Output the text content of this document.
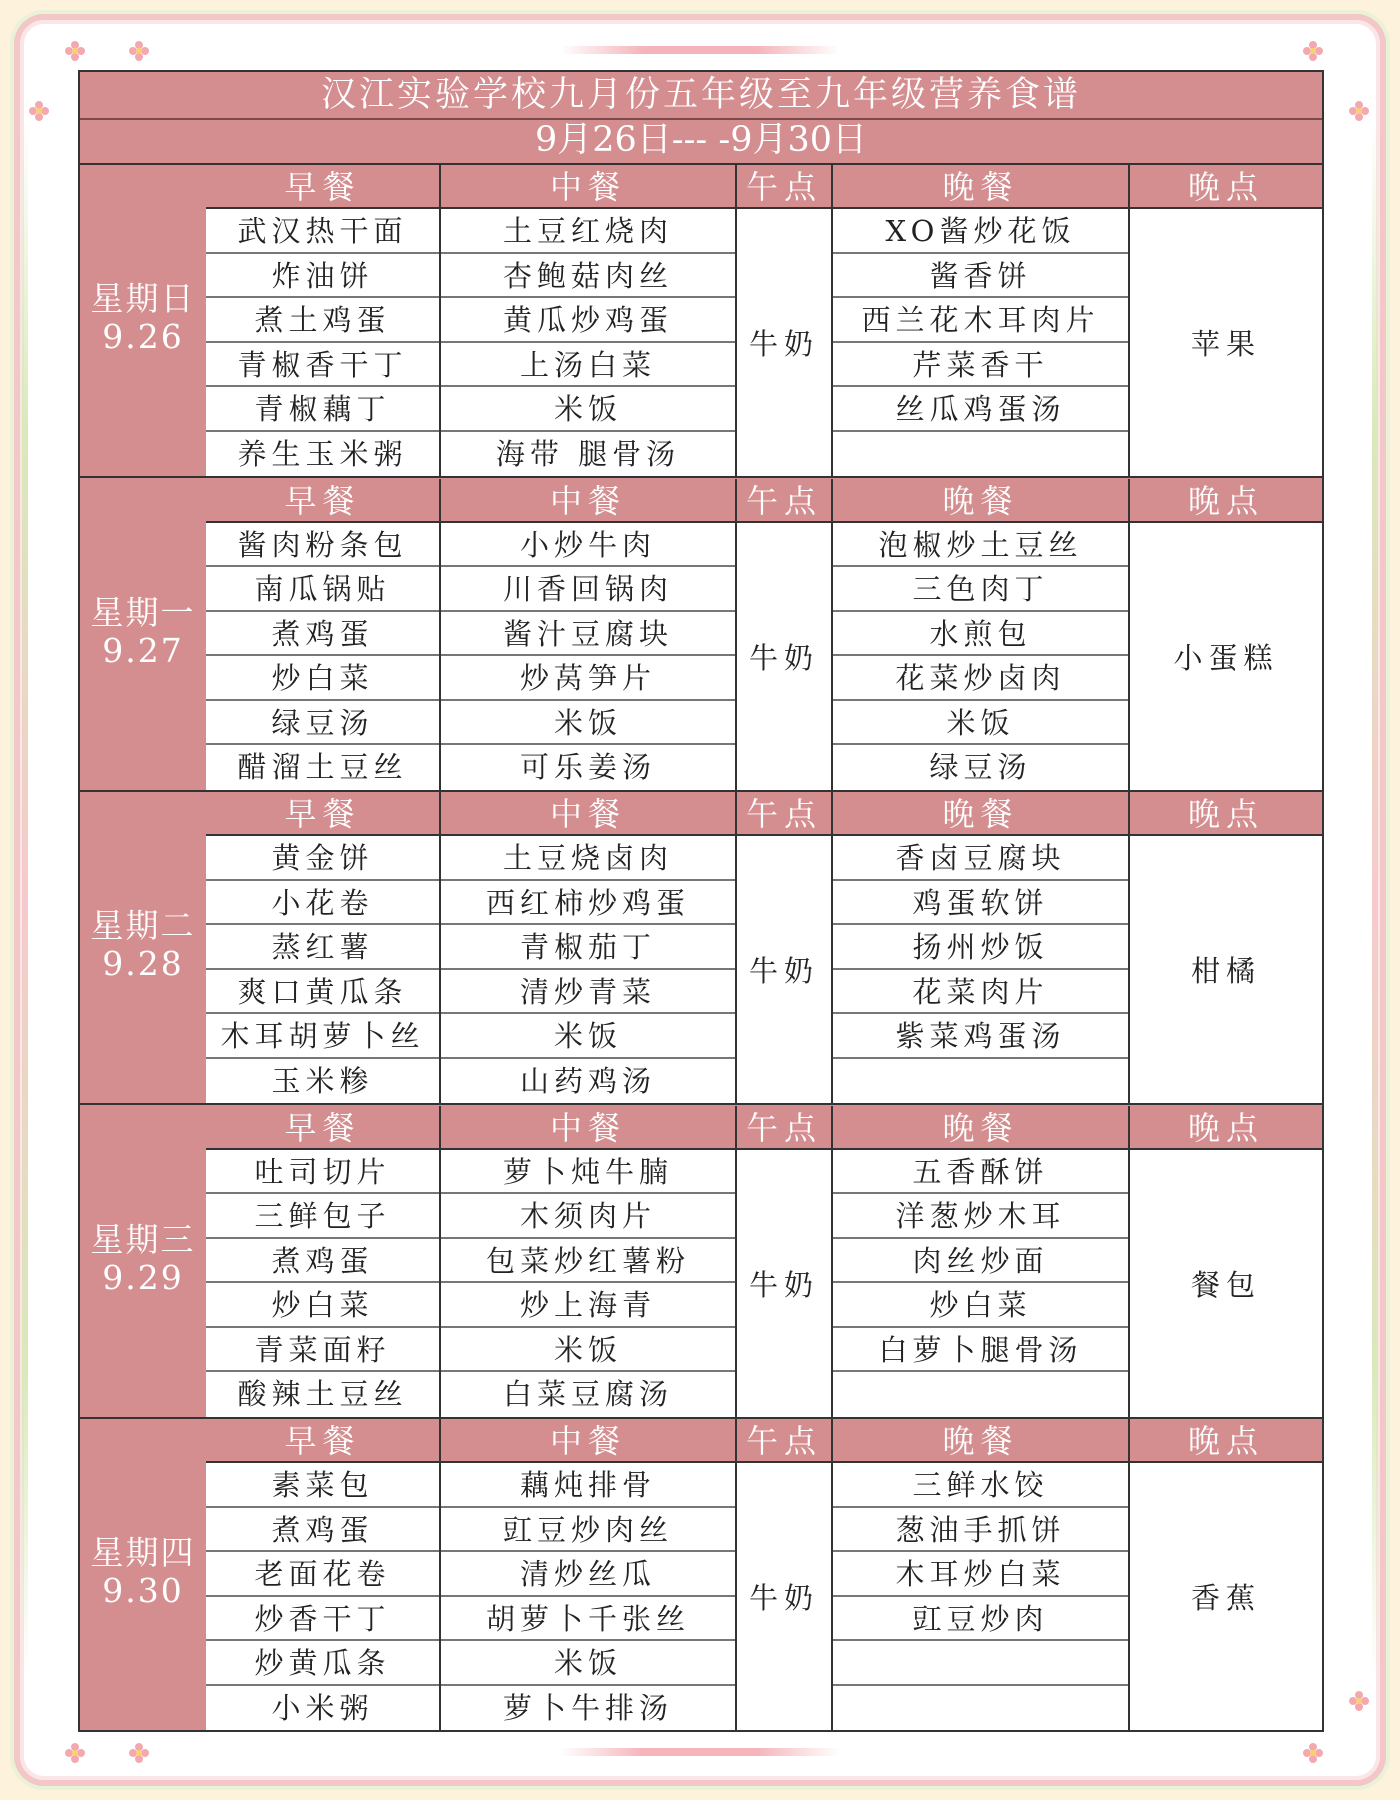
汉江实验学校九月份五年级至九年级营养食谱
9月26日--- -9月30日
星期日
9.26
早餐
武汉热干面
炸油饼
煮土鸡蛋
青椒香干丁
青椒藕丁
养生玉米粥
中餐
土豆红烧肉
杏鲍菇肉丝
黄瓜炒鸡蛋
上汤白菜
米饭
海带 腿骨汤
午点
牛奶
晚餐
XO酱炒花饭
酱香饼
西兰花木耳肉片
芹菜香干
丝瓜鸡蛋汤
晚点
苹果
星期一
9.27
早餐
酱肉粉条包
南瓜锅贴
煮鸡蛋
炒白菜
绿豆汤
醋溜土豆丝
中餐
小炒牛肉
川香回锅肉
酱汁豆腐块
炒莴笋片
米饭
可乐姜汤
午点
牛奶
晚餐
泡椒炒土豆丝
三色肉丁
水煎包
花菜炒卤肉
米饭
绿豆汤
晚点
小蛋糕
星期二
9.28
早餐
黄金饼
小花卷
蒸红薯
爽口黄瓜条
木耳胡萝卜丝
玉米糁
中餐
土豆烧卤肉
西红柿炒鸡蛋
青椒茄丁
清炒青菜
米饭
山药鸡汤
午点
牛奶
晚餐
香卤豆腐块
鸡蛋软饼
扬州炒饭
花菜肉片
紫菜鸡蛋汤
晚点
柑橘
星期三
9.29
早餐
吐司切片
三鲜包子
煮鸡蛋
炒白菜
青菜面籽
酸辣土豆丝
中餐
萝卜炖牛腩
木须肉片
包菜炒红薯粉
炒上海青
米饭
白菜豆腐汤
午点
牛奶
晚餐
五香酥饼
洋葱炒木耳
肉丝炒面
炒白菜
白萝卜腿骨汤
晚点
餐包
星期四
9.30
早餐
素菜包
煮鸡蛋
老面花卷
炒香干丁
炒黄瓜条
小米粥
中餐
藕炖排骨
豇豆炒肉丝
清炒丝瓜
胡萝卜千张丝
米饭
萝卜牛排汤
午点
牛奶
晚餐
三鲜水饺
葱油手抓饼
木耳炒白菜
豇豆炒肉
晚点
香蕉
